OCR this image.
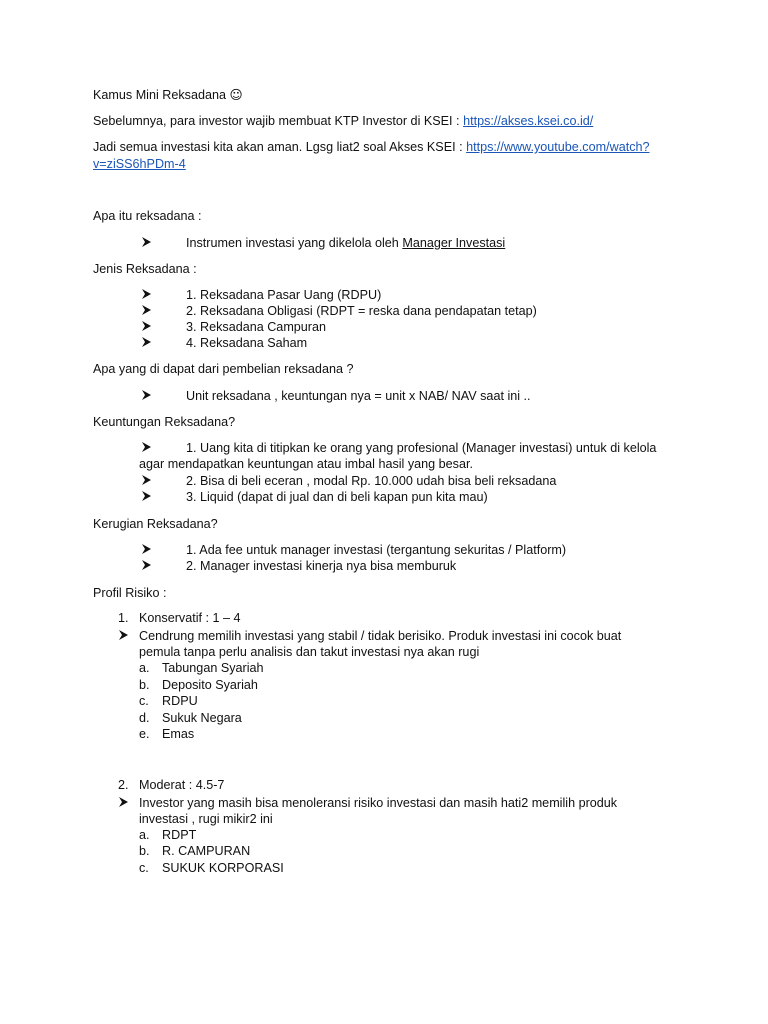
Kamus Mini Reksadana ☺
Sebelumnya, para investor wajib membuat KTP Investor di KSEI : https://akses.ksei.co.id/
Jadi semua investasi kita akan aman. Lgsg liat2 soal Akses KSEI : https://www.youtube.com/watch?
v=ziSS6hPDm-4
Apa itu reksadana :
Instrumen investasi yang dikelola oleh Manager Investasi
Jenis Reksadana :
1. Reksadana Pasar Uang (RDPU)
2. Reksadana Obligasi (RDPT = reska dana pendapatan tetap)
3. Reksadana Campuran
4. Reksadana Saham
Apa yang di dapat dari pembelian reksadana ?
Unit reksadana , keuntungan nya = unit x NAB/ NAV saat ini ..
Keuntungan Reksadana?
1. Uang kita di titipkan ke orang yang profesional (Manager investasi) untuk di kelola
agar mendapatkan keuntungan atau imbal hasil yang besar.
2. Bisa di beli eceran , modal Rp. 10.000 udah bisa beli reksadana
3. Liquid (dapat di jual dan di beli kapan pun kita mau)
Kerugian Reksadana?
1. Ada fee untuk manager investasi (tergantung sekuritas / Platform)
2. Manager investasi kinerja nya bisa memburuk
Profil Risiko :
1. Konservatif : 1 – 4
Cendrung memilih investasi yang stabil / tidak berisiko. Produk investasi ini cocok buat
pemula tanpa perlu analisis dan takut investasi nya akan rugi
a. Tabungan Syariah
b. Deposito Syariah
c. RDPU
d. Sukuk Negara
e. Emas
2. Moderat : 4.5-7
Investor yang masih bisa menoleransi risiko investasi dan masih hati2 memilih produk
investasi , rugi mikir2 ini
a. RDPT
b. R. CAMPURAN
c. SUKUK KORPORASI
